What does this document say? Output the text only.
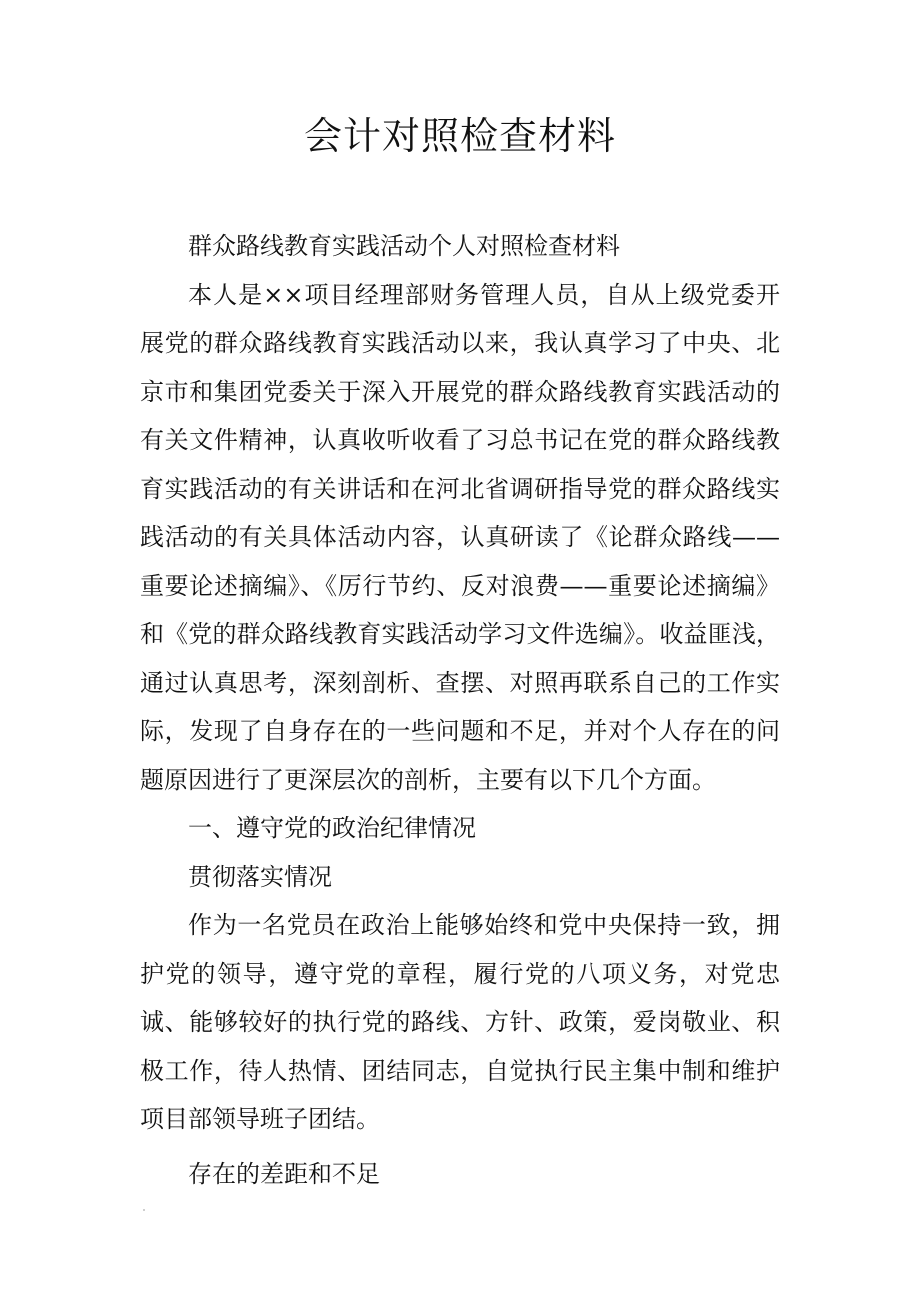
会计对照检查材料

群众路线教育实践活动个人对照检查材料

本人是××项目经理部财务管理人员，自从上级党委开展党的群众路线教育实践活动以来，我认真学习了中央、北京市和集团党委关于深入开展党的群众路线教育实践活动的有关文件精神，认真收听收看了习总书记在党的群众路线教育实践活动的有关讲话和在河北省调研指导党的群众路线实践活动的有关具体活动内容，认真研读了《论群众路线——重要论述摘编》、《厉行节约、反对浪费——重要论述摘编》和《党的群众路线教育实践活动学习文件选编》。收益匪浅，通过认真思考，深刻剖析、查摆、对照再联系自己的工作实际，发现了自身存在的一些问题和不足，并对个人存在的问题原因进行了更深层次的剖析，主要有以下几个方面。

一、遵守党的政治纪律情况

贯彻落实情况

作为一名党员在政治上能够始终和党中央保持一致，拥护党的领导，遵守党的章程，履行党的八项义务，对党忠诚、能够较好的执行党的路线、方针、政策，爱岗敬业、积极工作，待人热情、团结同志，自觉执行民主集中制和维护项目部领导班子团结。

存在的差距和不足
